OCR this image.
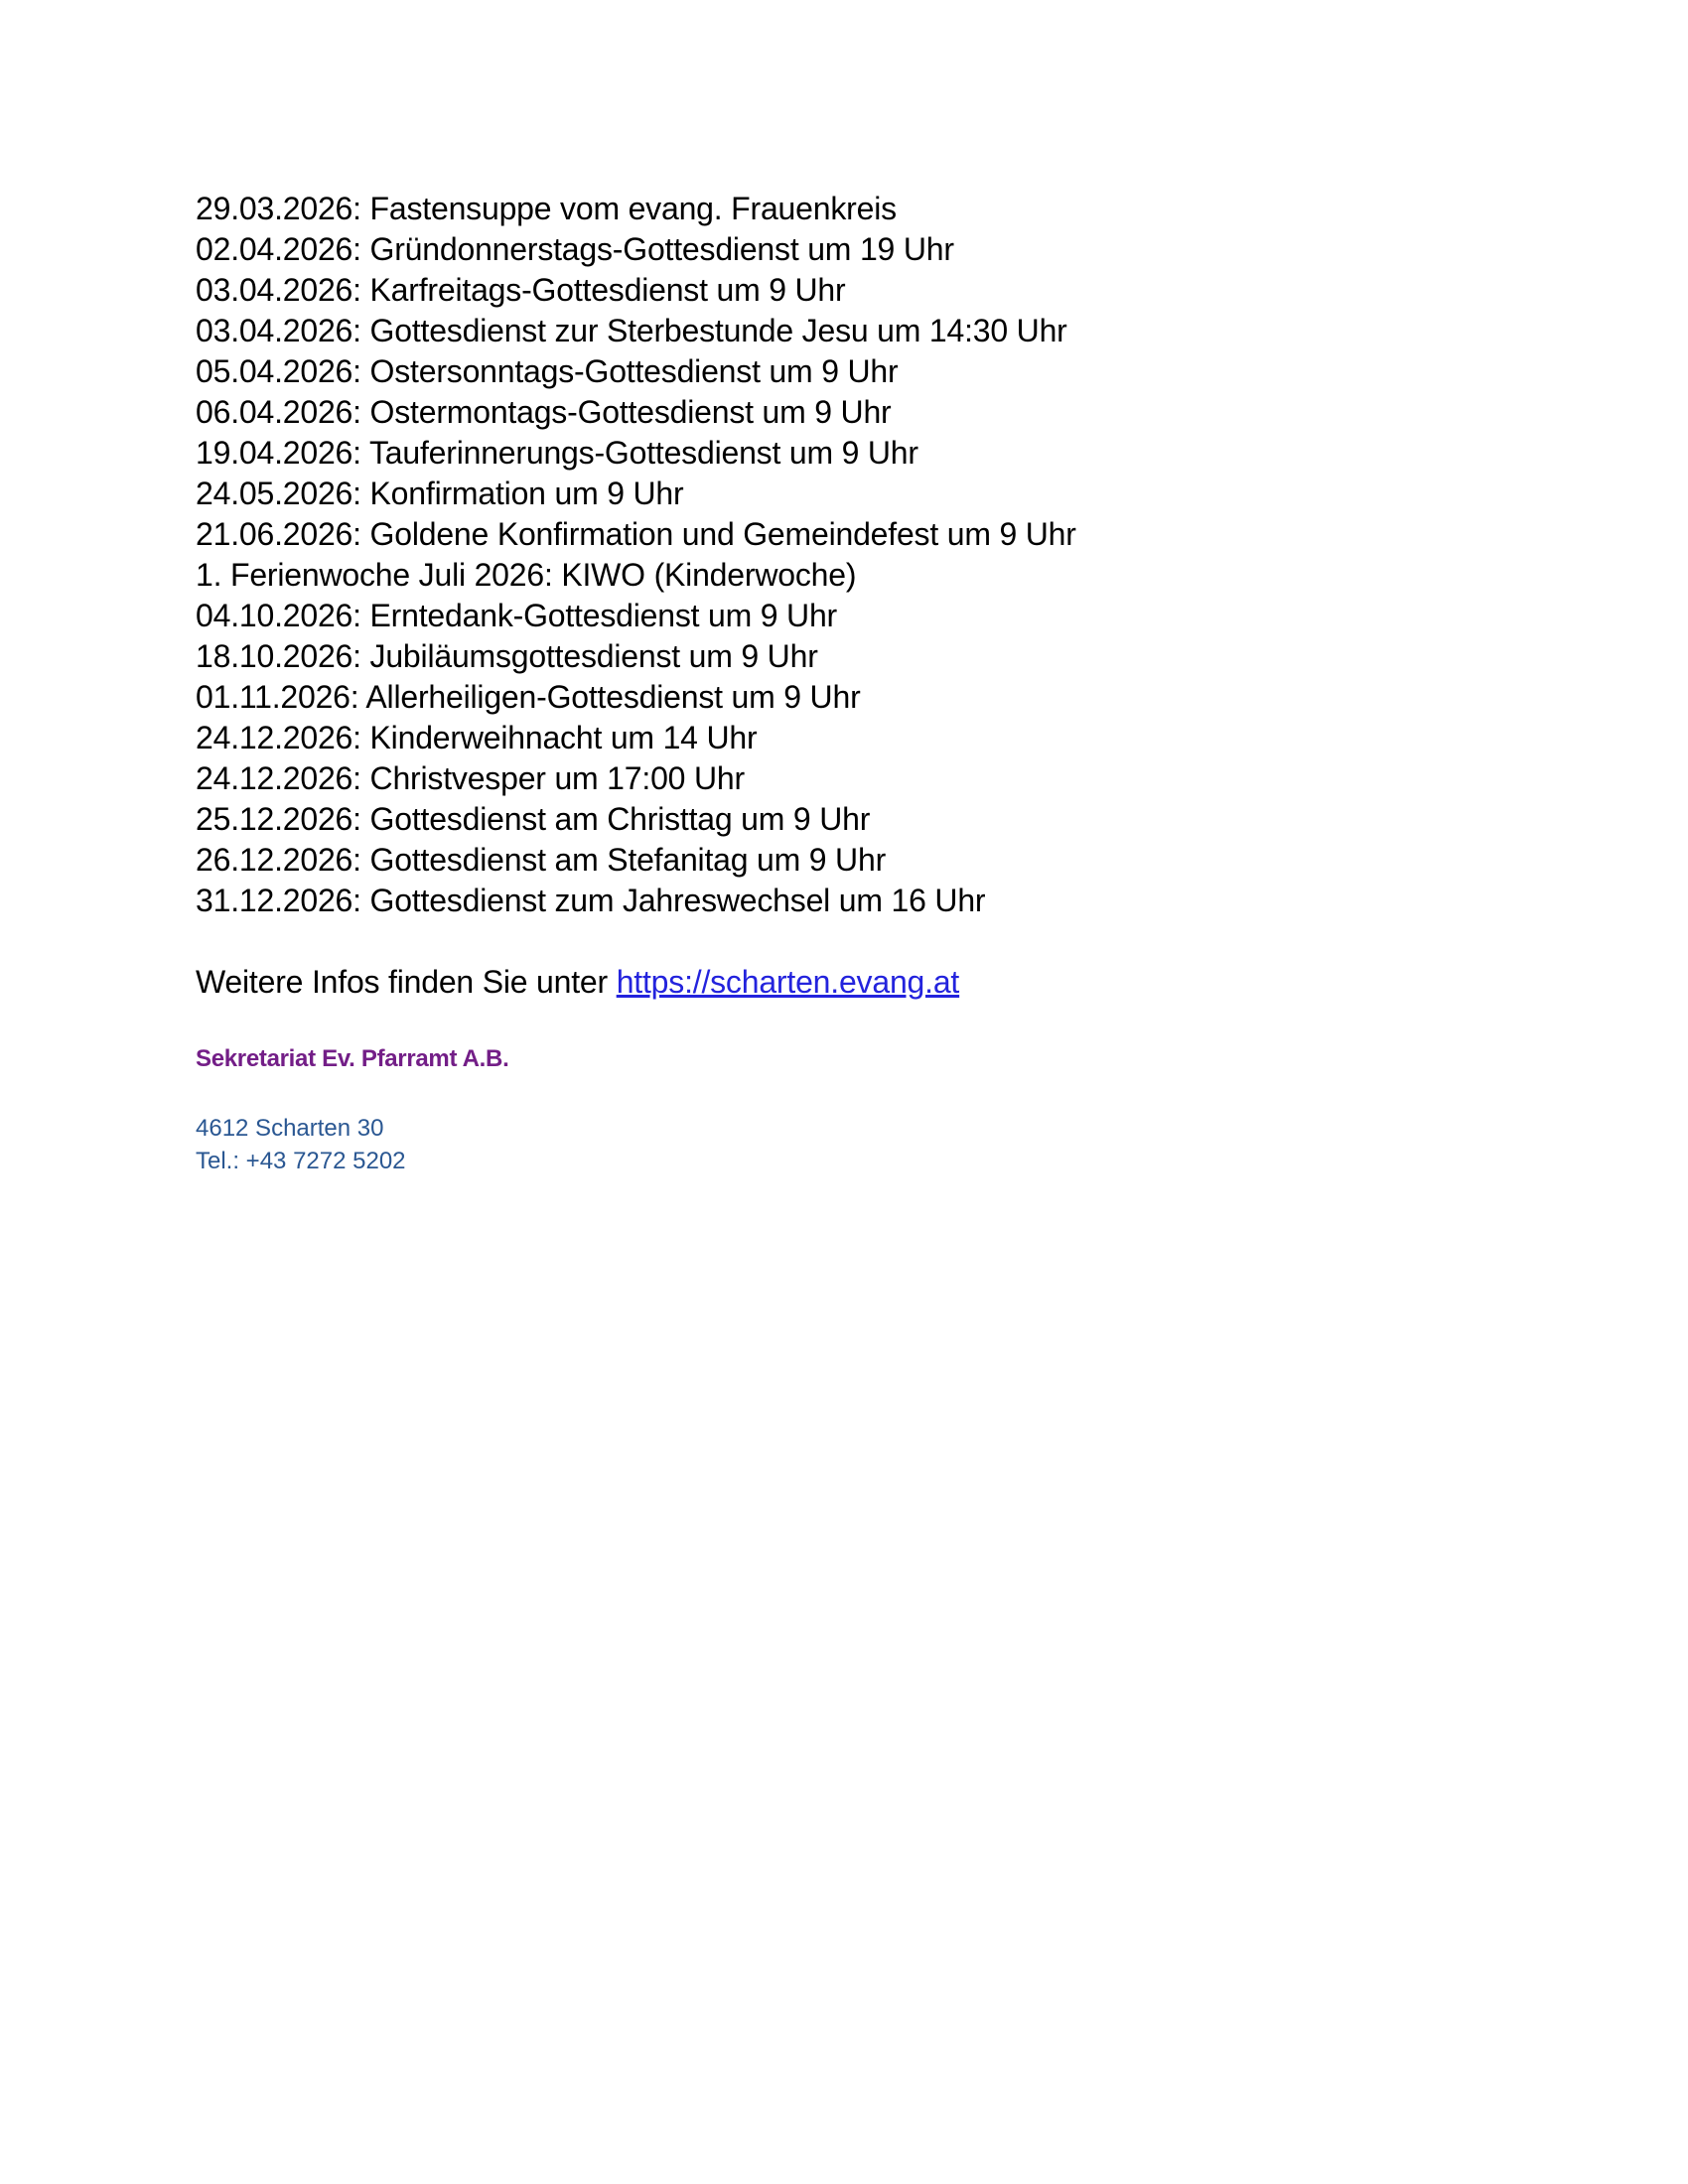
29.03.2026: Fastensuppe vom evang. Frauenkreis
02.04.2026: Gründonnerstags-Gottesdienst um 19 Uhr
03.04.2026: Karfreitags-Gottesdienst um 9 Uhr
03.04.2026: Gottesdienst zur Sterbestunde Jesu um 14:30 Uhr
05.04.2026: Ostersonntags-Gottesdienst um 9 Uhr
06.04.2026: Ostermontags-Gottesdienst um 9 Uhr
19.04.2026: Tauferinnerungs-Gottesdienst um 9 Uhr
24.05.2026: Konfirmation um 9 Uhr
21.06.2026: Goldene Konfirmation und Gemeindefest um 9 Uhr
1. Ferienwoche Juli 2026: KIWO (Kinderwoche)
04.10.2026: Erntedank-Gottesdienst um 9 Uhr
18.10.2026: Jubiläumsgottesdienst um 9 Uhr
01.11.2026: Allerheiligen-Gottesdienst um 9 Uhr
24.12.2026: Kinderweihnacht um 14 Uhr
24.12.2026: Christvesper um 17:00 Uhr
25.12.2026: Gottesdienst am Christtag um 9 Uhr
26.12.2026: Gottesdienst am Stefanitag um 9 Uhr
31.12.2026: Gottesdienst zum Jahreswechsel um 16 Uhr

Weitere Infos finden Sie unter https://scharten.evang.at

Sekretariat Ev. Pfarramt A.B.

4612 Scharten 30
Tel.: +43 7272 5202
